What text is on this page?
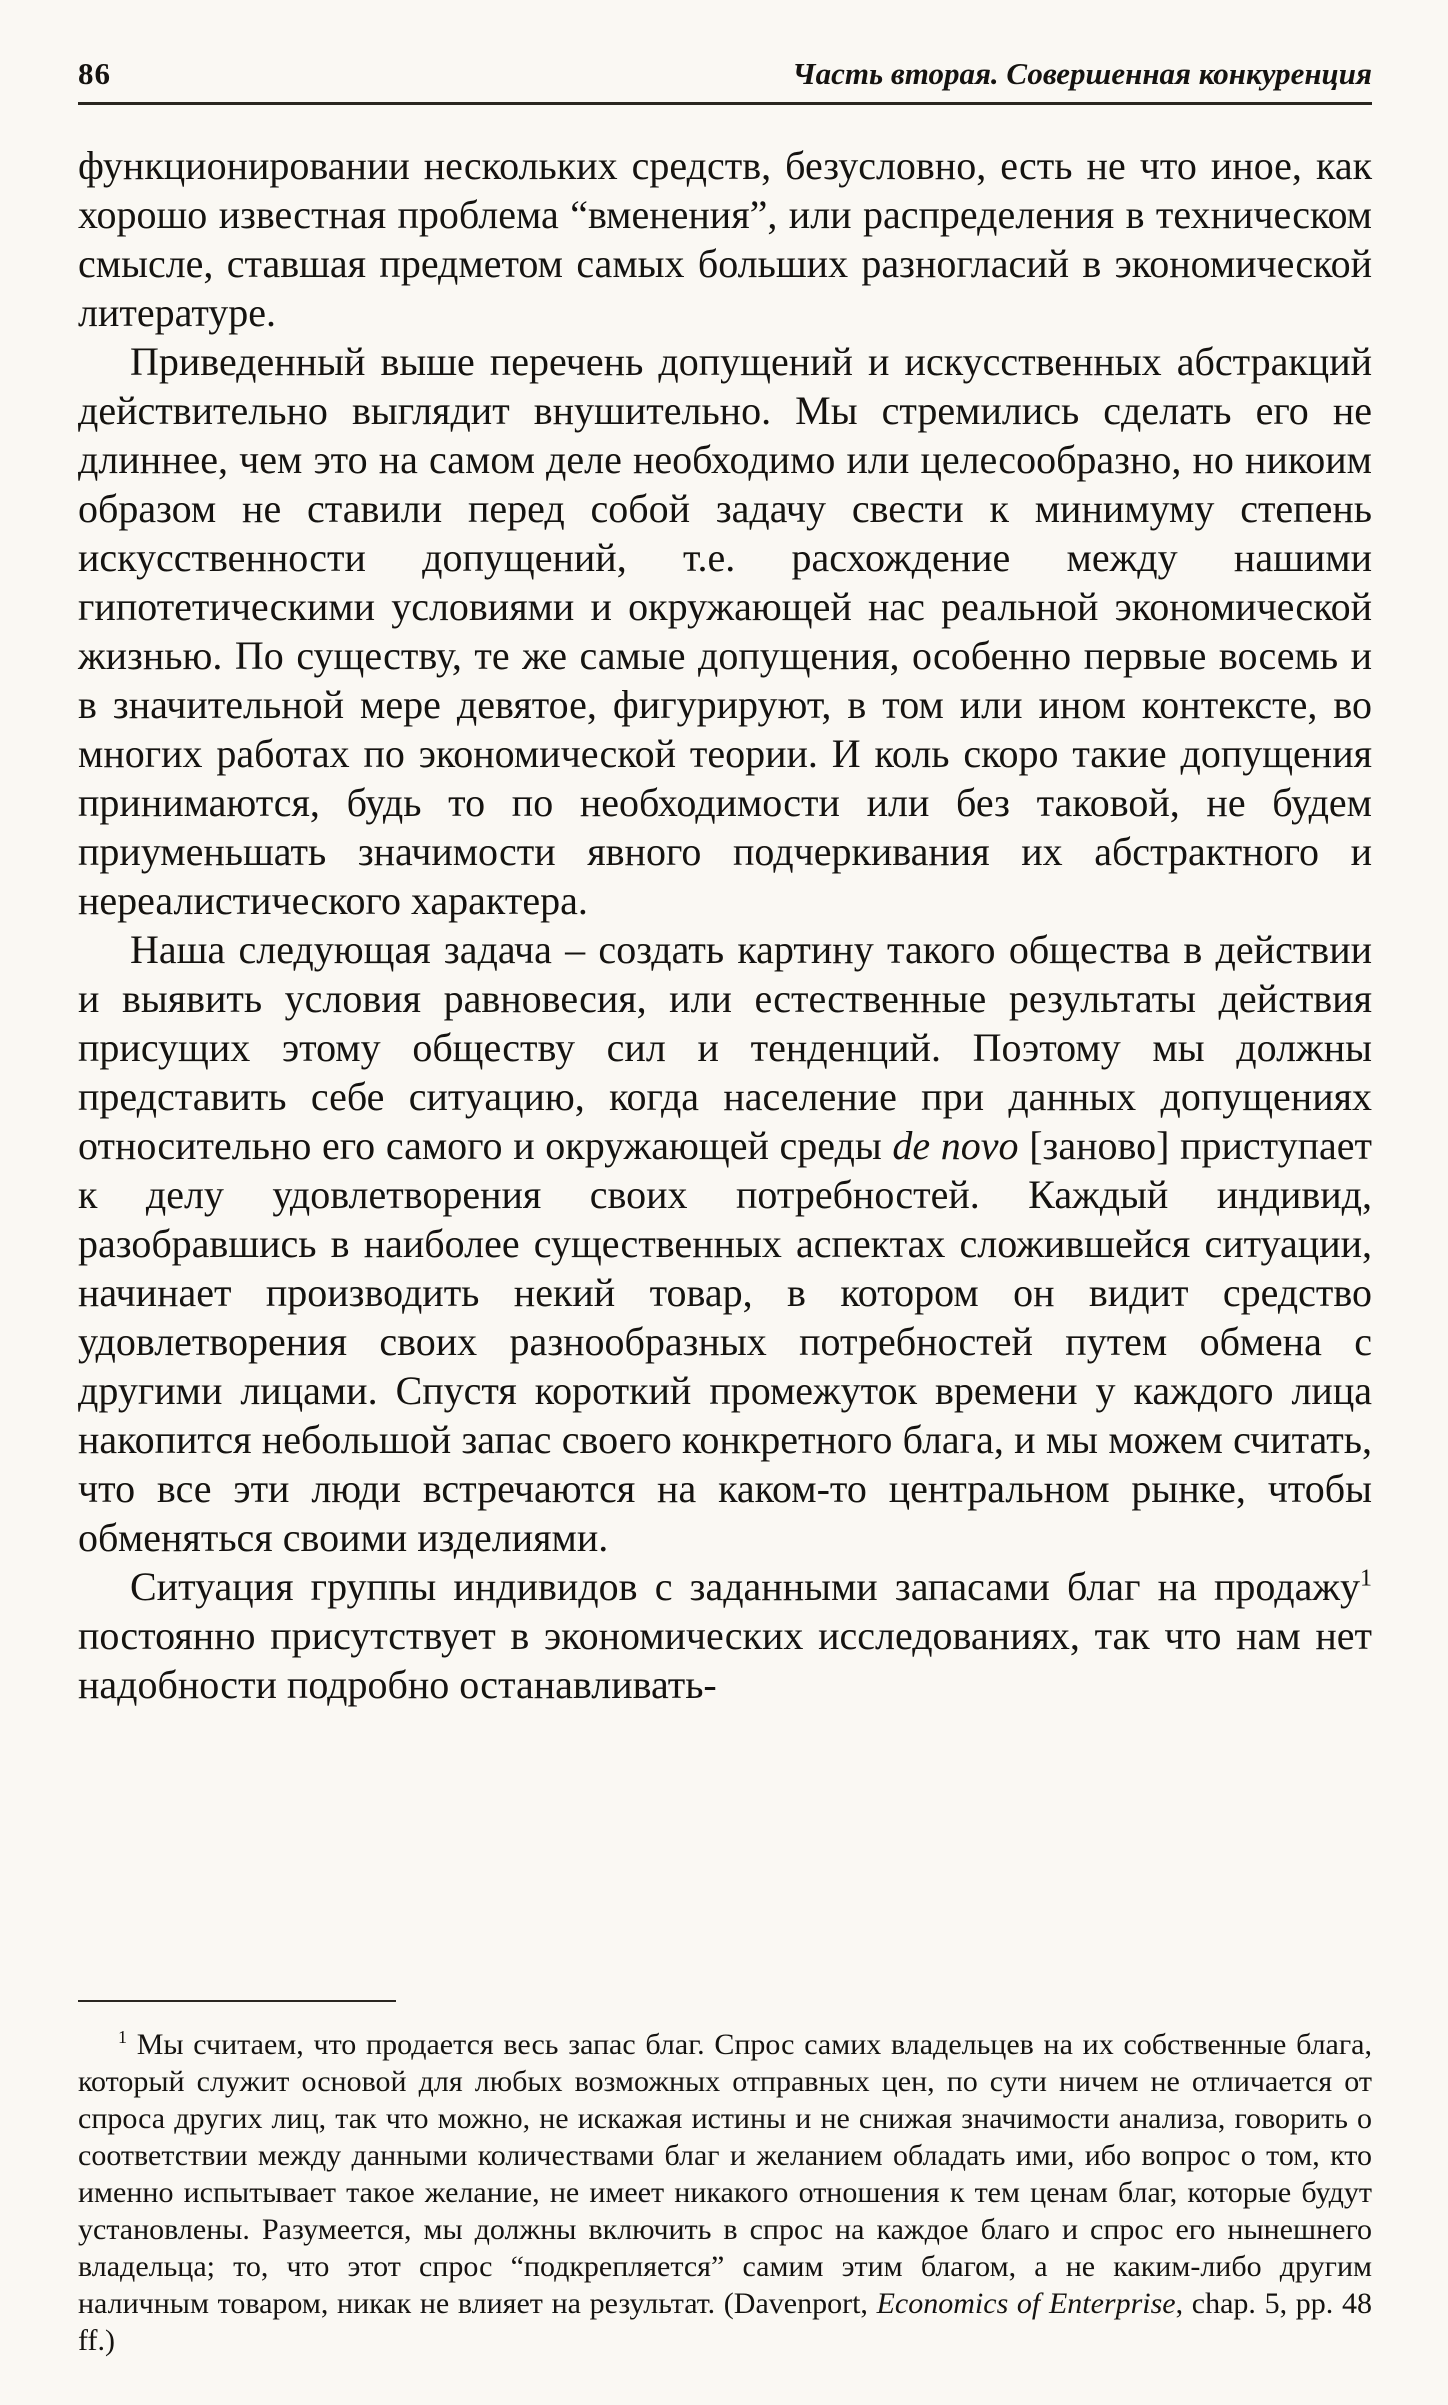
86	Часть вторая. Совершенная конкуренция

функционировании нескольких средств, безусловно, есть не что иное, как хорошо известная проблема “вменения”, или распределения в техническом смысле, ставшая предметом самых больших разногласий в экономической литературе.

Приведенный выше перечень допущений и искусственных абстракций действительно выглядит внушительно. Мы стремились сделать его не длиннее, чем это на самом деле необходимо или целесообразно, но никоим образом не ставили перед собой задачу свести к минимуму степень искусственности допущений, т.е. расхождение между нашими гипотетическими условиями и окружающей нас реальной экономической жизнью. По существу, те же самые допущения, особенно первые восемь и в значительной мере девятое, фигурируют, в том или ином контексте, во многих работах по экономической теории. И коль скоро такие допущения принимаются, будь то по необходимости или без таковой, не будем приуменьшать значимости явного подчеркивания их абстрактного и нереалистического характера.

Наша следующая задача – создать картину такого общества в действии и выявить условия равновесия, или естественные результаты действия присущих этому обществу сил и тенденций. Поэтому мы должны представить себе ситуацию, когда население при данных допущениях относительно его самого и окружающей среды de novo [заново] приступает к делу удовлетворения своих потребностей. Каждый индивид, разобравшись в наиболее существенных аспектах сложившейся ситуации, начинает производить некий товар, в котором он видит средство удовлетворения своих разнообразных потребностей путем обмена с другими лицами. Спустя короткий промежуток времени у каждого лица накопится небольшой запас своего конкретного блага, и мы можем считать, что все эти люди встречаются на каком-то центральном рынке, чтобы обменяться своими изделиями.

Ситуация группы индивидов с заданными запасами благ на продажу$^1$ постоянно присутствует в экономических исследованиях, так что нам нет надобности подробно останавливать-

$^1$ Мы считаем, что продается весь запас благ. Спрос самих владельцев на их собственные блага, который служит основой для любых возможных отправных цен, по сути ничем не отличается от спроса других лиц, так что можно, не искажая истины и не снижая значимости анализа, говорить о соответствии между данными количествами благ и желанием обладать ими, ибо вопрос о том, кто именно испытывает такое желание, не имеет никакого отношения к тем ценам благ, которые будут установлены. Разумеется, мы должны включить в спрос на каждое благо и спрос его нынешнего владельца; то, что этот спрос “подкрепляется” самим этим благом, а не каким-либо другим наличным товаром, никак не влияет на результат. (Davenport, Economics of Enterprise, chap. 5, pp. 48 ff.)
